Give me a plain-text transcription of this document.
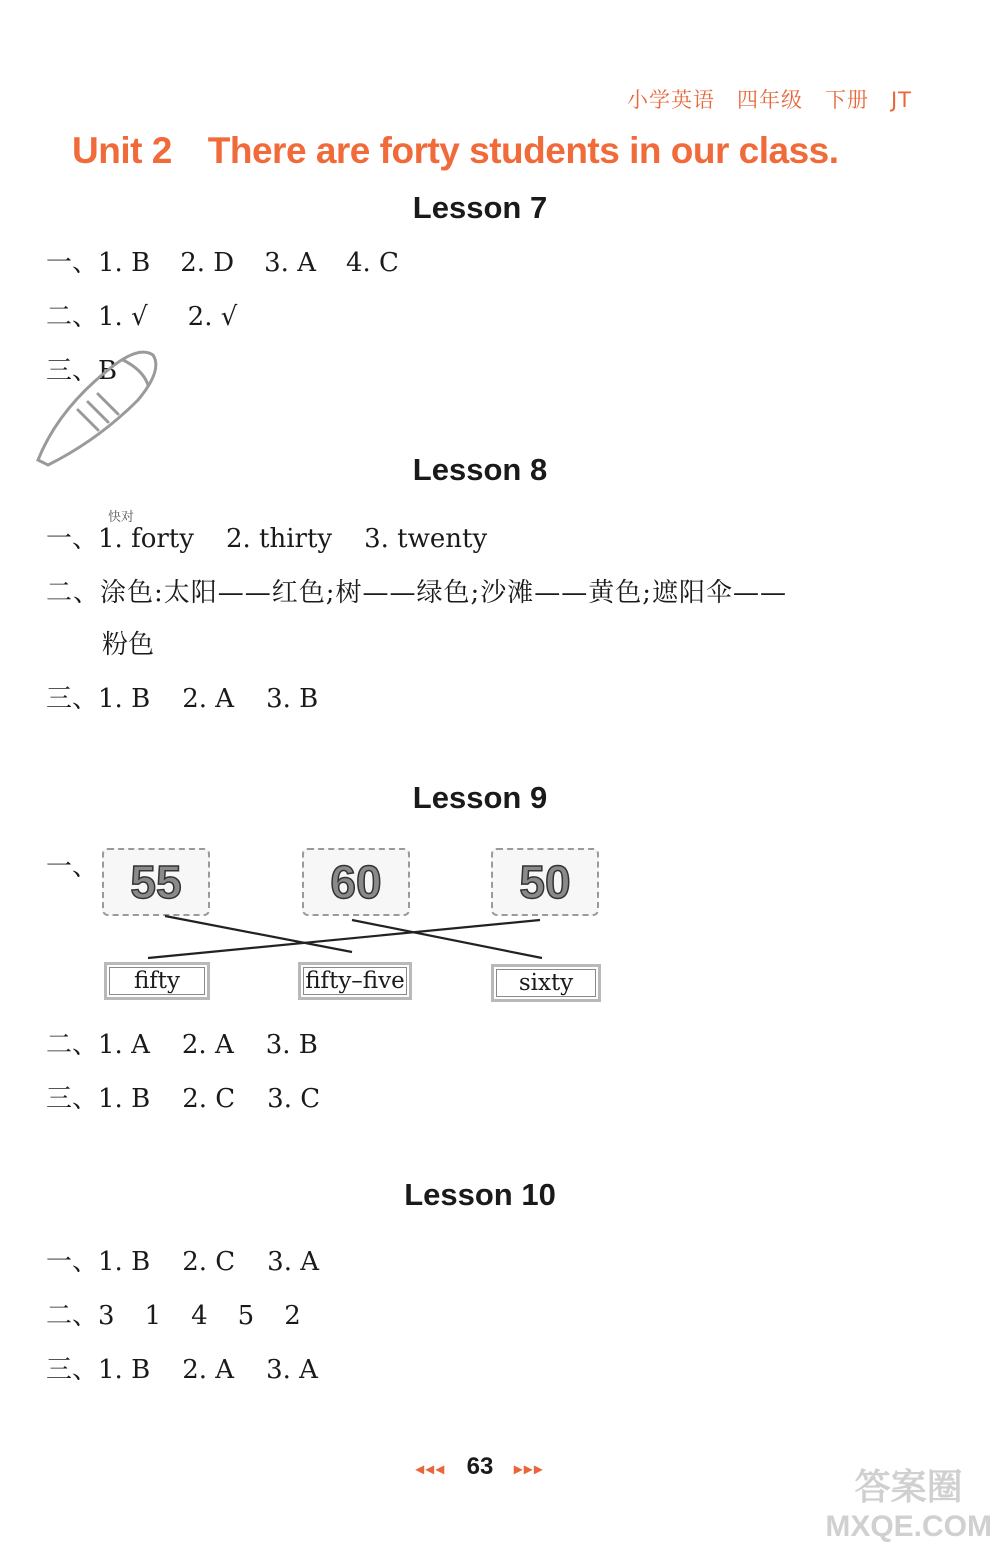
小学英语 四年级 下册 JT
Unit 2 There are forty students in our class.
Lesson 7
一、1. B 2. D 3. A 4. C
二、1. √ 2. √
三、B
Lesson 8
快对
一、1. forty 2. thirty 3. twenty
二、涂色:太阳——红色;树——绿色;沙滩——黄色;遮阳伞——
粉色
三、1. B 2. A 3. B
Lesson 9
一、 55	60	50
fifty	fifty–five	sixty
二、1. A 2. A 3. B
三、1. B 2. C 3. C
Lesson 10
一、1. B 2. C 3. A
二、3 1 4 5 2
三、1. B 2. A 3. A
◂◂◂ 63 ▸▸▸	答案圈
MXQE.COM
